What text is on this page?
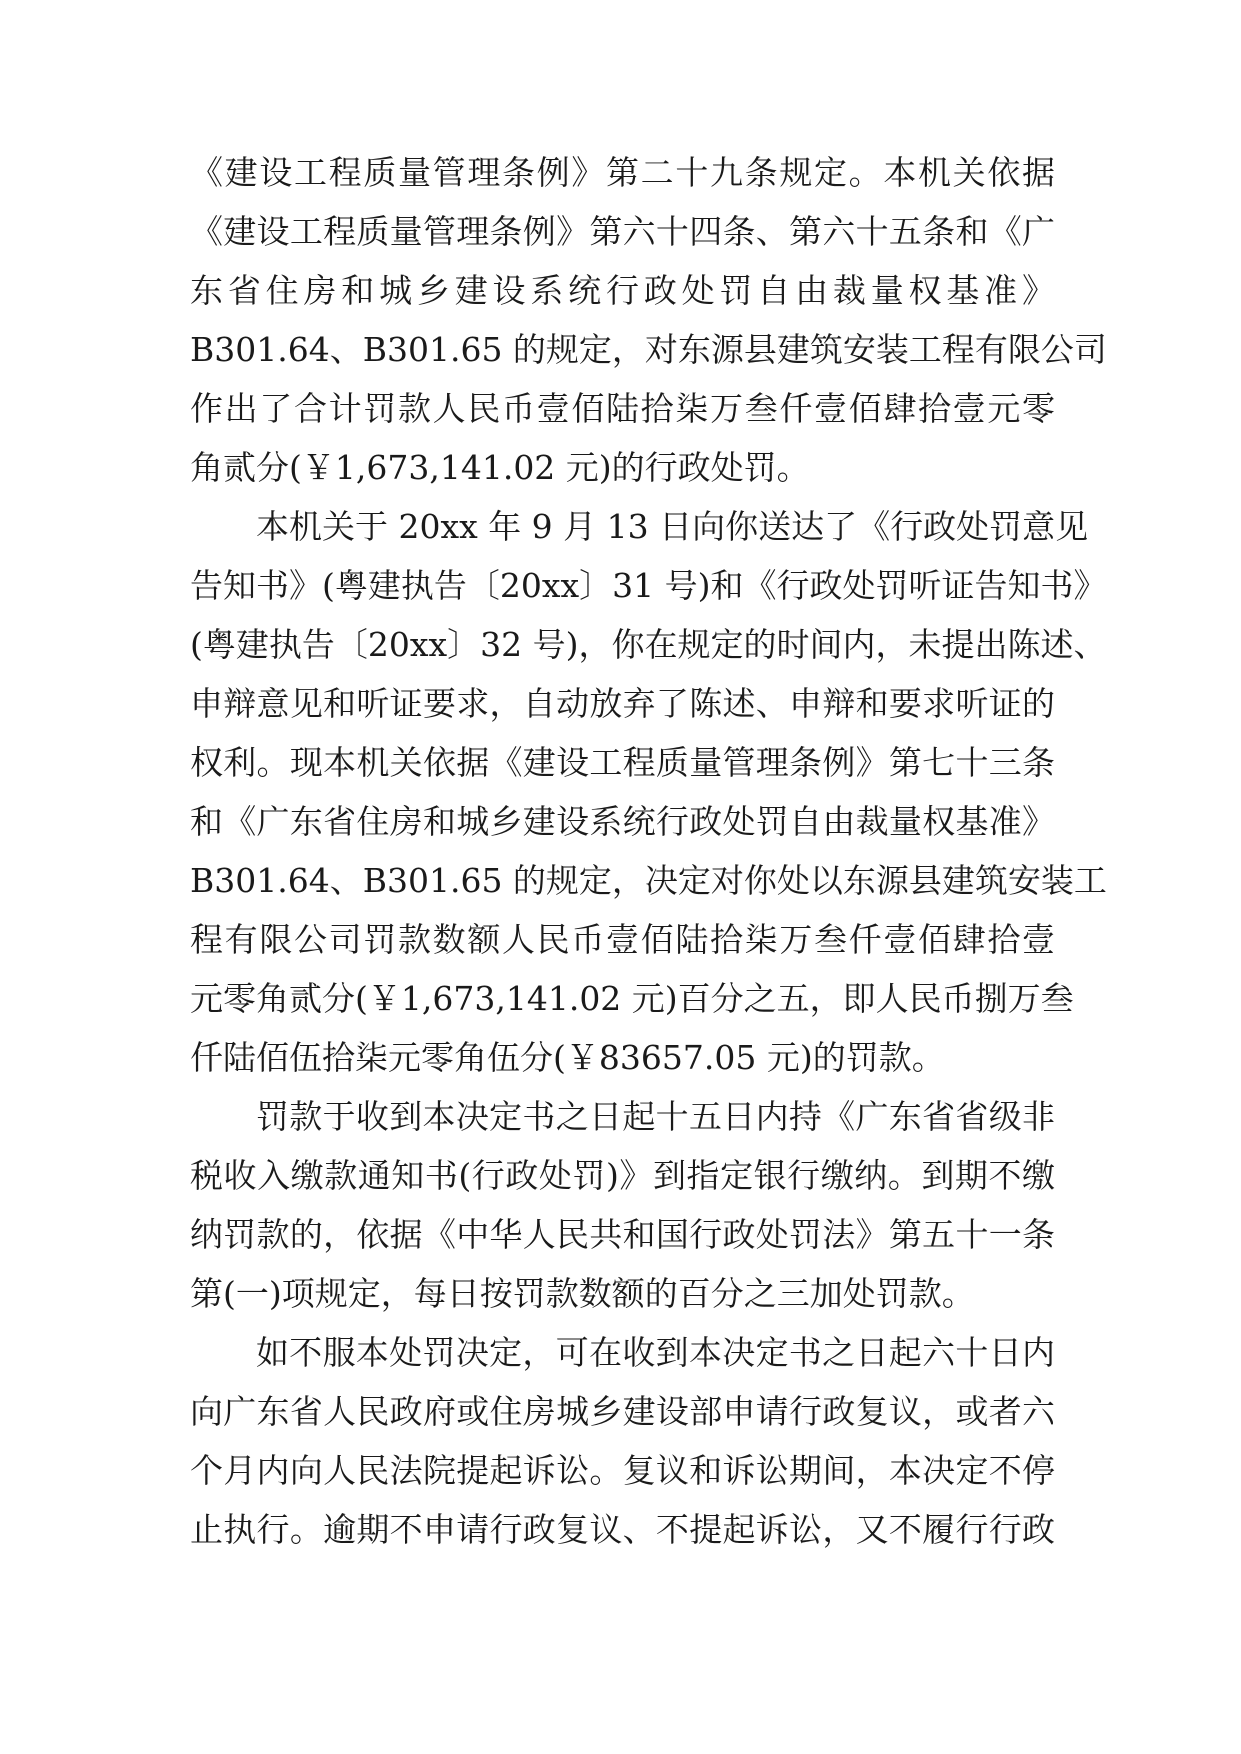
《建设工程质量管理条例》第二十九条规定。本机关依据
《建设工程质量管理条例》第六十四条、第六十五条和《广
东省住房和城乡建设系统行政处罚自由裁量权基准》
B301.64、B301.65 的规定，对东源县建筑安装工程有限公司
作出了合计罚款人民币壹佰陆拾柒万叁仟壹佰肆拾壹元零
角贰分(￥1,673,141.02 元)的行政处罚。
本机关于 20xx 年 9 月 13 日向你送达了《行政处罚意见
告知书》(粤建执告〔20xx〕31 号)和《行政处罚听证告知书》
(粤建执告〔20xx〕32 号)，你在规定的时间内，未提出陈述、
申辩意见和听证要求，自动放弃了陈述、申辩和要求听证的
权利。现本机关依据《建设工程质量管理条例》第七十三条
和《广东省住房和城乡建设系统行政处罚自由裁量权基准》
B301.64、B301.65 的规定，决定对你处以东源县建筑安装工
程有限公司罚款数额人民币壹佰陆拾柒万叁仟壹佰肆拾壹
元零角贰分(￥1,673,141.02 元)百分之五，即人民币捌万叁
仟陆佰伍拾柒元零角伍分(￥83657.05 元)的罚款。
罚款于收到本决定书之日起十五日内持《广东省省级非
税收入缴款通知书(行政处罚)》到指定银行缴纳。到期不缴
纳罚款的，依据《中华人民共和国行政处罚法》第五十一条
第(一)项规定，每日按罚款数额的百分之三加处罚款。
如不服本处罚决定，可在收到本决定书之日起六十日内
向广东省人民政府或住房城乡建设部申请行政复议，或者六
个月内向人民法院提起诉讼。复议和诉讼期间，本决定不停
止执行。逾期不申请行政复议、不提起诉讼，又不履行行政
